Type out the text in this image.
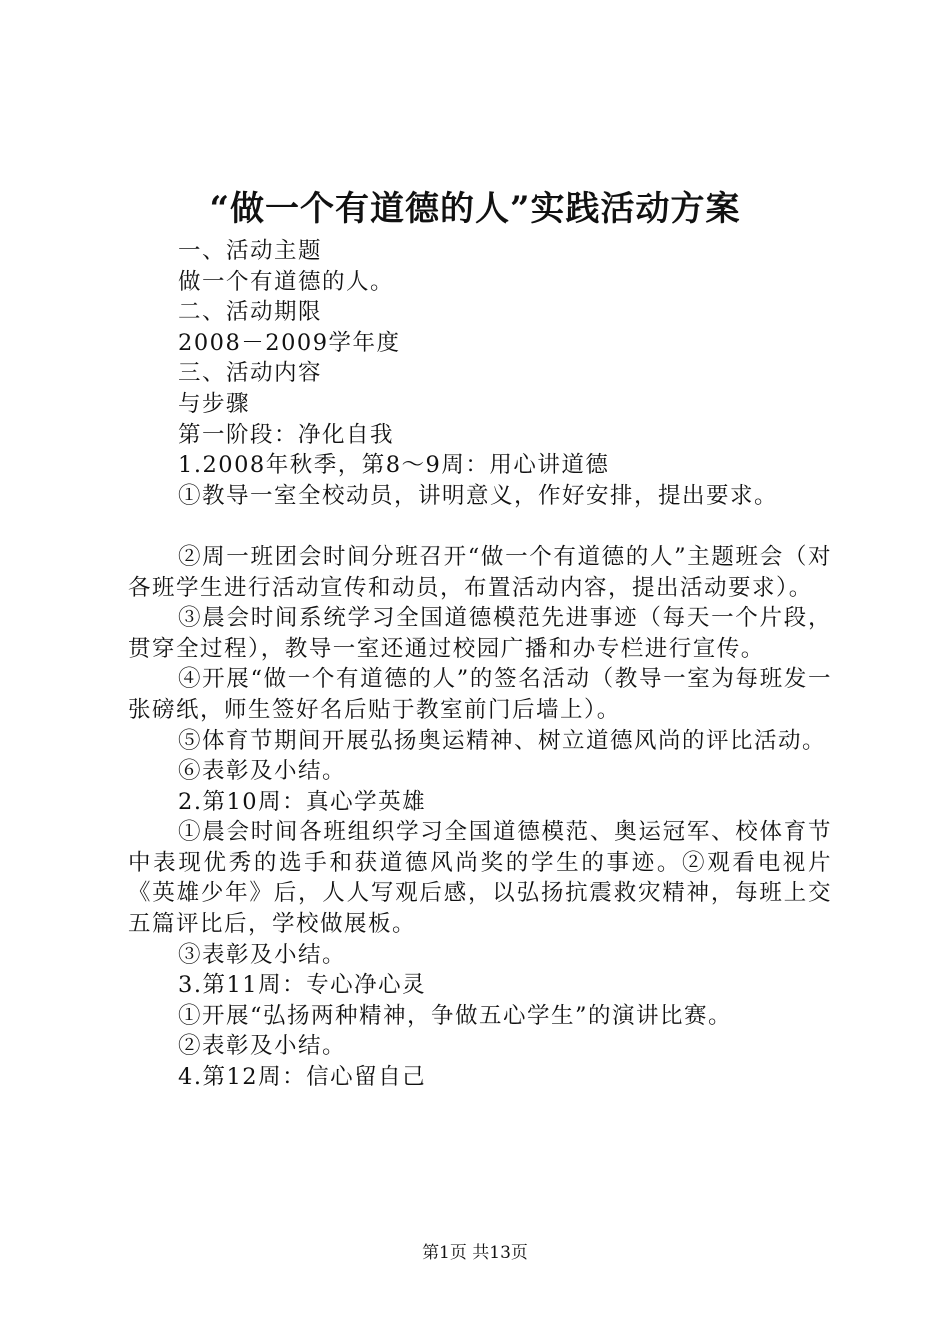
“做一个有道德的人”实践活动方案

一、活动主题

做一个有道德的人。

二、活动期限

2008－2009学年度

三、活动内容

与步骤

第一阶段：净化自我

1.2008年秋季，第8～9周：用心讲道德

①教导一室全校动员，讲明意义，作好安排，提出要求。

②周一班团会时间分班召开“做一个有道德的人”主题班会（对各班学生进行活动宣传和动员，布置活动内容，提出活动要求）。

③晨会时间系统学习全国道德模范先进事迹（每天一个片段，贯穿全过程），教导一室还通过校园广播和办专栏进行宣传。

④开展“做一个有道德的人”的签名活动（教导一室为每班发一张磅纸，师生签好名后贴于教室前门后墙上）。

⑤体育节期间开展弘扬奥运精神、树立道德风尚的评比活动。

⑥表彰及小结。

2.第10周：真心学英雄

①晨会时间各班组织学习全国道德模范、奥运冠军、校体育节中表现优秀的选手和获道德风尚奖的学生的事迹。②观看电视片《英雄少年》后，人人写观后感，以弘扬抗震救灾精神，每班上交五篇评比后，学校做展板。

③表彰及小结。

3.第11周：专心净心灵

①开展“弘扬两种精神，争做五心学生”的演讲比赛。

②表彰及小结。

4.第12周：信心留自己

第1页 共13页
